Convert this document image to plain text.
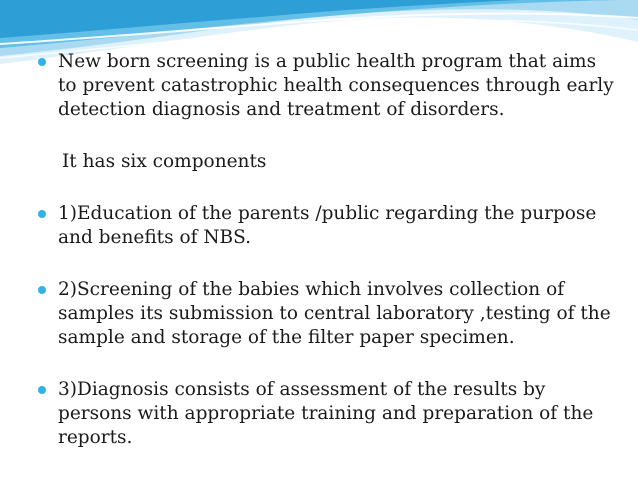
New born screening is a public health program that aims to prevent catastrophic health consequences through early detection diagnosis and treatment of disorders.
It has six components
1)Education of the parents /public regarding the purpose and benefits of NBS.
2)Screening of the babies which involves collection of samples its submission to central laboratory ,testing of the sample and storage of the filter paper specimen.
3)Diagnosis consists of assessment of the results by persons with appropriate training and preparation of the reports.
